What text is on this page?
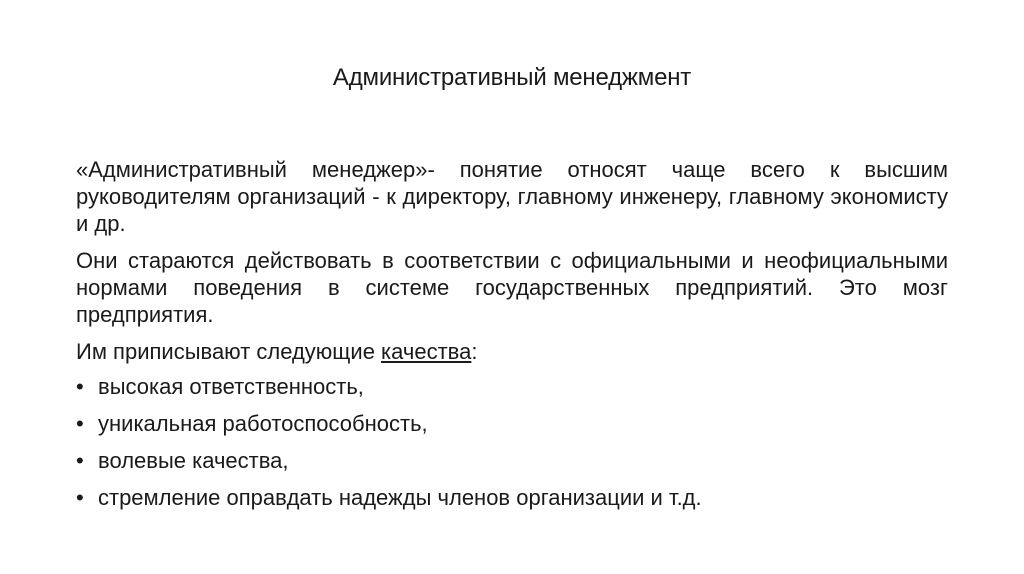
Административный менеджмент

«Административный менеджер»- понятие относят чаще всего к высшим руководителям организаций - к директору, главному инженеру, главному экономисту и др.

Они стараются действовать в соответствии с официальными и неофициальными нормами поведения в системе государственных предприятий. Это мозг предприятия.

Им приписывают следующие качества:

• высокая ответственность,
• уникальная работоспособность,
• волевые качества,
• стремление оправдать надежды членов организации и т.д.
